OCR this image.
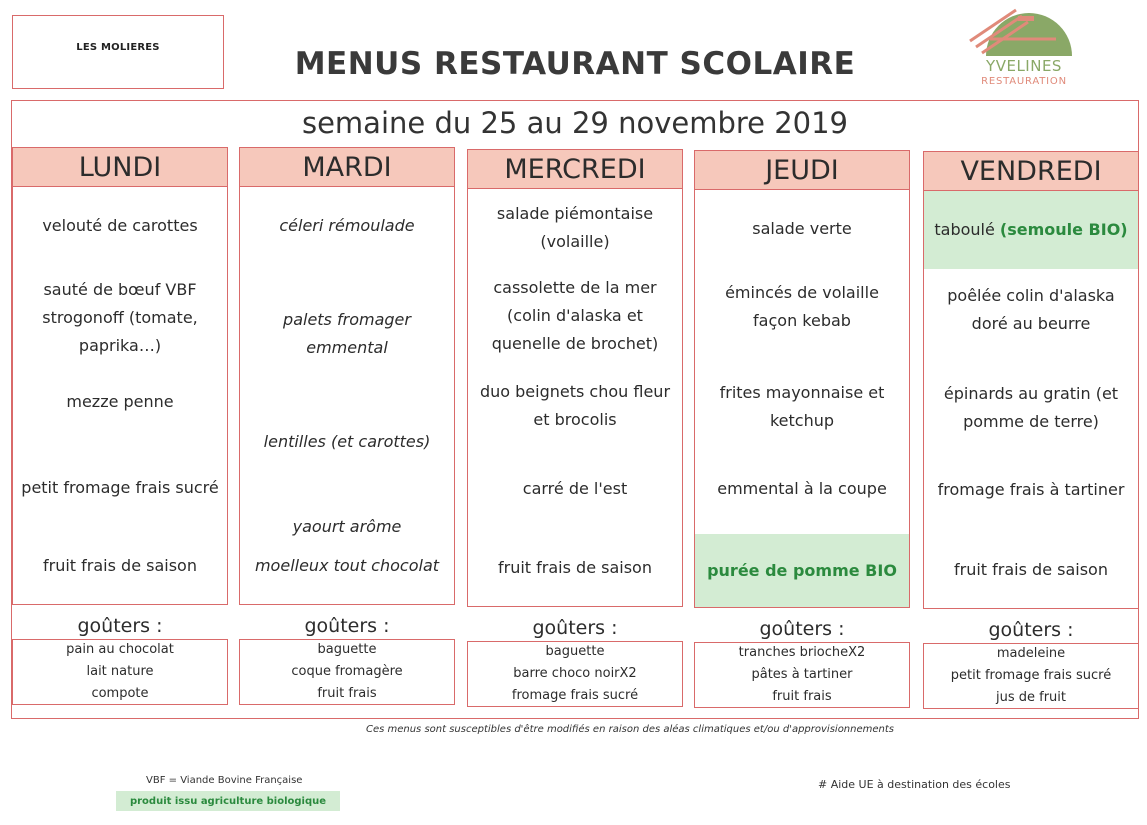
LES MOLIERES	MENUS RESTAURANT SCOLAIRE	YVELINES
RESTAURATION
semaine du 25 au 29 novembre 2019
LUNDI
velouté de carottes
sauté de bœuf VBF strogonoff (tomate, paprika…)
mezze penne
petit fromage frais sucré
fruit frais de saison
goûters :
pain au chocolat
lait nature
compote
MARDI
céleri rémoulade
palets fromager emmental
lentilles (et carottes)
yaourt arôme
moelleux tout chocolat
goûters :
baguette
coque fromagère
fruit frais
MERCREDI
salade piémontaise (volaille)
cassolette de la mer (colin d'alaska et quenelle de brochet)
duo beignets chou fleur et brocolis
carré de l'est
fruit frais de saison
goûters :
baguette
barre choco noirX2
fromage frais sucré
JEUDI
salade verte
émincés de volaille façon kebab
frites mayonnaise et ketchup
emmental à la coupe
purée de pomme BIO
goûters :
tranches briocheX2
pâtes à tartiner
fruit frais
VENDREDI
taboulé
(semoule BIO)
poêlée colin d'alaska doré au beurre
épinards au gratin (et pomme de terre)
fromage frais à tartiner
fruit frais de saison
goûters :
madeleine
petit fromage frais sucré
jus de fruit
Ces menus sont susceptibles d'être modifiés en raison des aléas climatiques et/ou d'approvisionnements
VBF = Viande Bovine Française
produit issu agriculture biologique
# Aide UE à destination des écoles
